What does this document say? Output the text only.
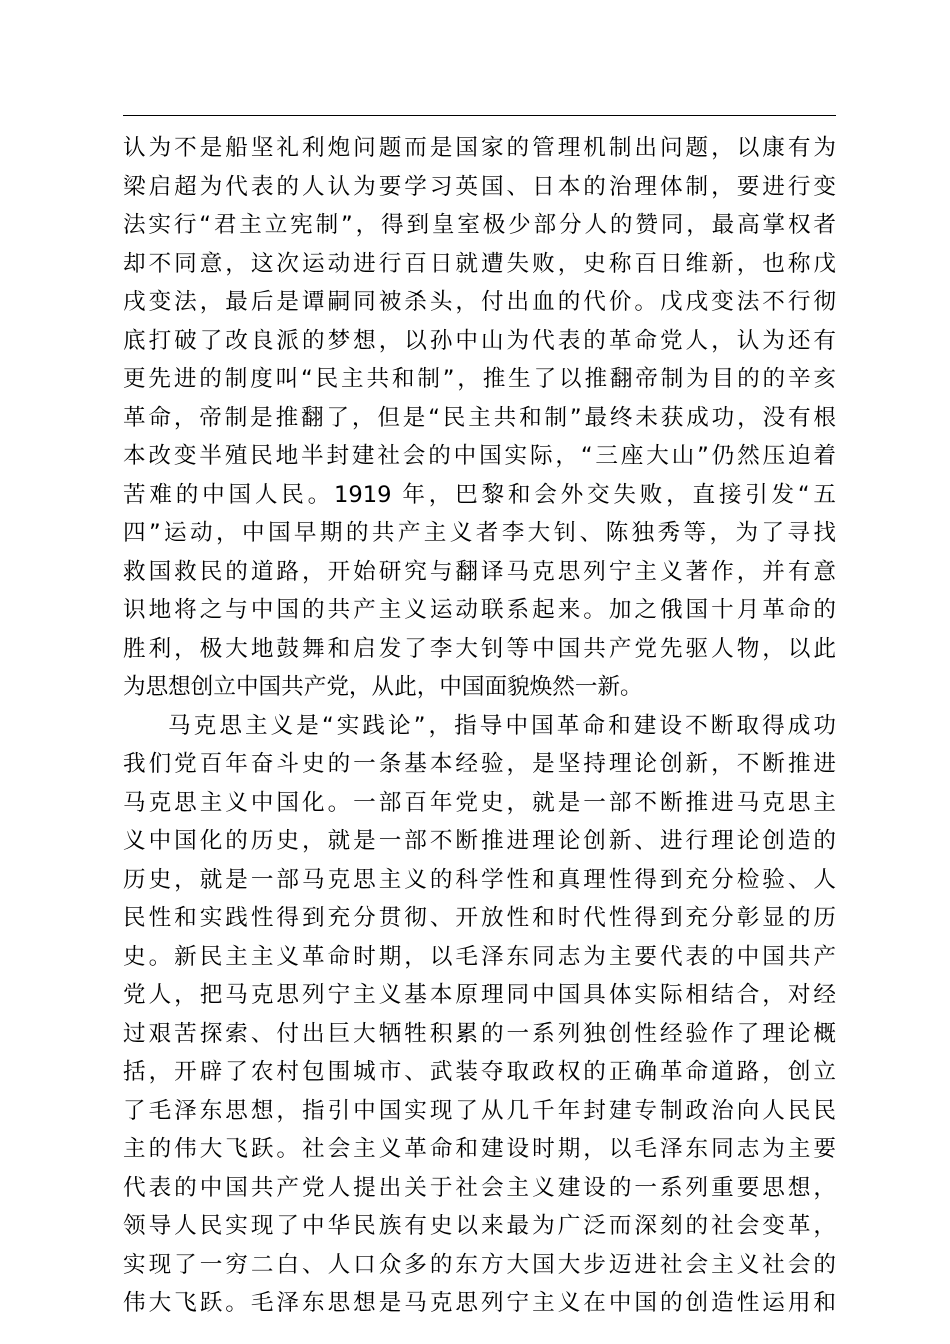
认为不是船坚礼利炮问题而是国家的管理机制出问题，以康有为
梁启超为代表的人认为要学习英国、日本的治理体制，要进行变
法实行“君主立宪制”，得到皇室极少部分人的赞同，最高掌权者
却不同意，这次运动进行百日就遭失败，史称百日维新，也称戊
戌变法，最后是谭嗣同被杀头，付出血的代价。戊戌变法不行彻
底打破了改良派的梦想，以孙中山为代表的革命党人，认为还有
更先进的制度叫“民主共和制”，推生了以推翻帝制为目的的辛亥
革命，帝制是推翻了，但是“民主共和制”最终未获成功，没有根
本改变半殖民地半封建社会的中国实际，“三座大山”仍然压迫着
苦难的中国人民。1919 年，巴黎和会外交失败，直接引发“五
四”运动，中国早期的共产主义者李大钊、陈独秀等，为了寻找
救国救民的道路，开始研究与翻译马克思列宁主义著作，并有意
识地将之与中国的共产主义运动联系起来。加之俄国十月革命的
胜利，极大地鼓舞和启发了李大钊等中国共产党先驱人物，以此
为思想创立中国共产党，从此，中国面貌焕然一新。
马克思主义是“实践论”，指导中国革命和建设不断取得成功
我们党百年奋斗史的一条基本经验，是坚持理论创新，不断推进
马克思主义中国化。一部百年党史，就是一部不断推进马克思主
义中国化的历史，就是一部不断推进理论创新、进行理论创造的
历史，就是一部马克思主义的科学性和真理性得到充分检验、人
民性和实践性得到充分贯彻、开放性和时代性得到充分彰显的历
史。新民主主义革命时期，以毛泽东同志为主要代表的中国共产
党人，把马克思列宁主义基本原理同中国具体实际相结合，对经
过艰苦探索、付出巨大牺牲积累的一系列独创性经验作了理论概
括，开辟了农村包围城市、武装夺取政权的正确革命道路，创立
了毛泽东思想，指引中国实现了从几千年封建专制政治向人民民
主的伟大飞跃。社会主义革命和建设时期，以毛泽东同志为主要
代表的中国共产党人提出关于社会主义建设的一系列重要思想，
领导人民实现了中华民族有史以来最为广泛而深刻的社会变革，
实现了一穷二白、人口众多的东方大国大步迈进社会主义社会的
伟大飞跃。毛泽东思想是马克思列宁主义在中国的创造性运用和
